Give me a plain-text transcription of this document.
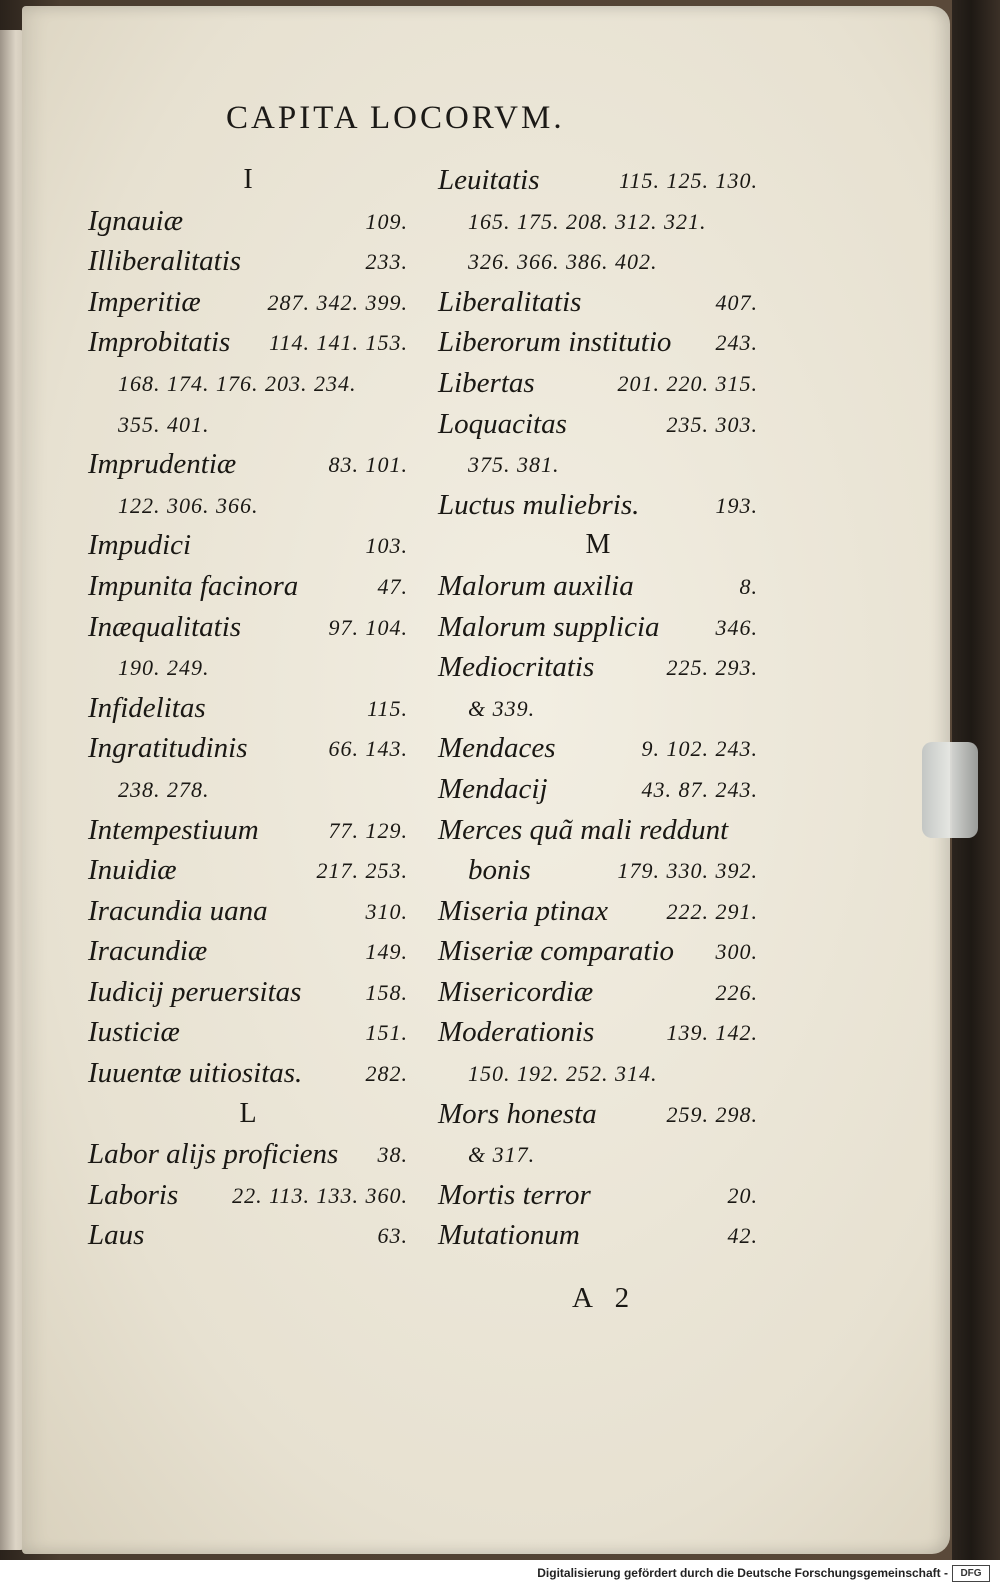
CAPITA LOCORVM.
I
Ignauiæ	109.
Illiberalitatis	233.
Imperitiæ	287. 342. 399.
Improbitatis 114. 141. 153.
168. 174. 176. 203. 234.
355. 401.
Imprudentiæ	83. 101.
122. 306. 366.
Impudici	103.
Impunita facinora	47.
Inæqualitatis	97. 104.
190. 249.
Infidelitas	115.
Ingratitudinis	66. 143.
238. 278.
Intempestiuum	77. 129.
Inuidiæ	217. 253.
Iracundia uana	310.
Iracundiæ	149.
Iudicij peruersitas	158.
Iusticiæ	151.
Iuuentæ uitiositas.	282.
L
Labor alijs proficiens 38.
Laboris 22. 113. 133. 360.
Laus	63.
Leuitatis	115. 125. 130.
165. 175. 208. 312. 321.
326. 366. 386. 402.
Liberalitatis	407.
Liberorum institutio 243.
Libertas	201. 220. 315.
Loquacitas	235. 303.
375. 381.
Luctus muliebris.	193.
M
Malorum auxilia	8.
Malorum supplicia	346.
Mediocritatis	225. 293.
& 339.
Mendaces	9. 102. 243.
Mendacij	43. 87. 243.
Merces quã mali reddunt
bonis	179. 330. 392.
Miseria ptinax	222. 291.
Miseriæ comparatio 300.
Misericordiæ	226.
Moderationis	139. 142.
150. 192. 252. 314.
Mors honesta	259. 298.
& 317.
Mortis terror	20.
Mutationum	42.
A 2
Digitalisierung gefördert durch die Deutsche Forschungsgemeinschaft -	DFG
